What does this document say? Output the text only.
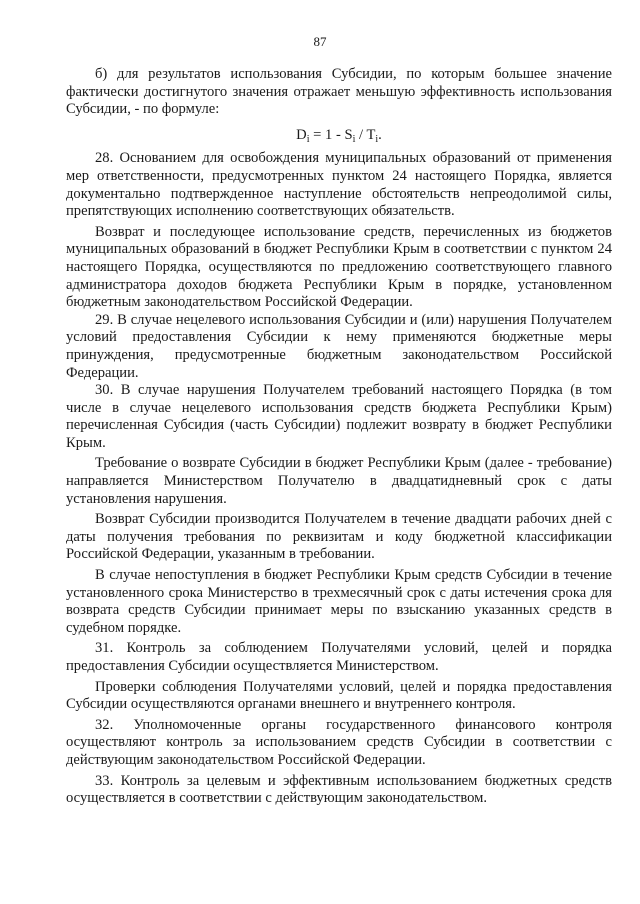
87

б) для результатов использования Субсидии, по которым большее значение фактически достигнутого значения отражает меньшую эффективность использования Субсидии, - по формуле:

$D_i = 1 - S_i / T_i$.

28. Основанием для освобождения муниципальных образований от применения мер ответственности, предусмотренных пунктом 24 настоящего Порядка, является документально подтвержденное наступление обстоятельств непреодолимой силы, препятствующих исполнению соответствующих обязательств.

Возврат и последующее использование средств, перечисленных из бюджетов муниципальных образований в бюджет Республики Крым в соответствии с пунктом 24 настоящего Порядка, осуществляются по предложению соответствующего главного администратора доходов бюджета Республики Крым в порядке, установленном бюджетным законодательством Российской Федерации.

29. В случае нецелевого использования Субсидии и (или) нарушения Получателем условий предоставления Субсидии к нему применяются бюджетные меры принуждения, предусмотренные бюджетным законодательством Российской Федерации.

30. В случае нарушения Получателем требований настоящего Порядка (в том числе в случае нецелевого использования средств бюджета Республики Крым) перечисленная Субсидия (часть Субсидии) подлежит возврату в бюджет Республики Крым.

Требование о возврате Субсидии в бюджет Республики Крым (далее - требование) направляется Министерством Получателю в двадцатидневный срок с даты установления нарушения.

Возврат Субсидии производится Получателем в течение двадцати рабочих дней с даты получения требования по реквизитам и коду бюджетной классификации Российской Федерации, указанным в требовании.

В случае непоступления в бюджет Республики Крым средств Субсидии в течение установленного срока Министерство в трехмесячный срок с даты истечения срока для возврата средств Субсидии принимает меры по взысканию указанных средств в судебном порядке.

31. Контроль за соблюдением Получателями условий, целей и порядка предоставления Субсидии осуществляется Министерством.

Проверки соблюдения Получателями условий, целей и порядка предоставления Субсидии осуществляются органами внешнего и внутреннего контроля.

32. Уполномоченные органы государственного финансового контроля осуществляют контроль за использованием средств Субсидии в соответствии с действующим законодательством Российской Федерации.

33. Контроль за целевым и эффективным использованием бюджетных средств осуществляется в соответствии с действующим законодательством.
